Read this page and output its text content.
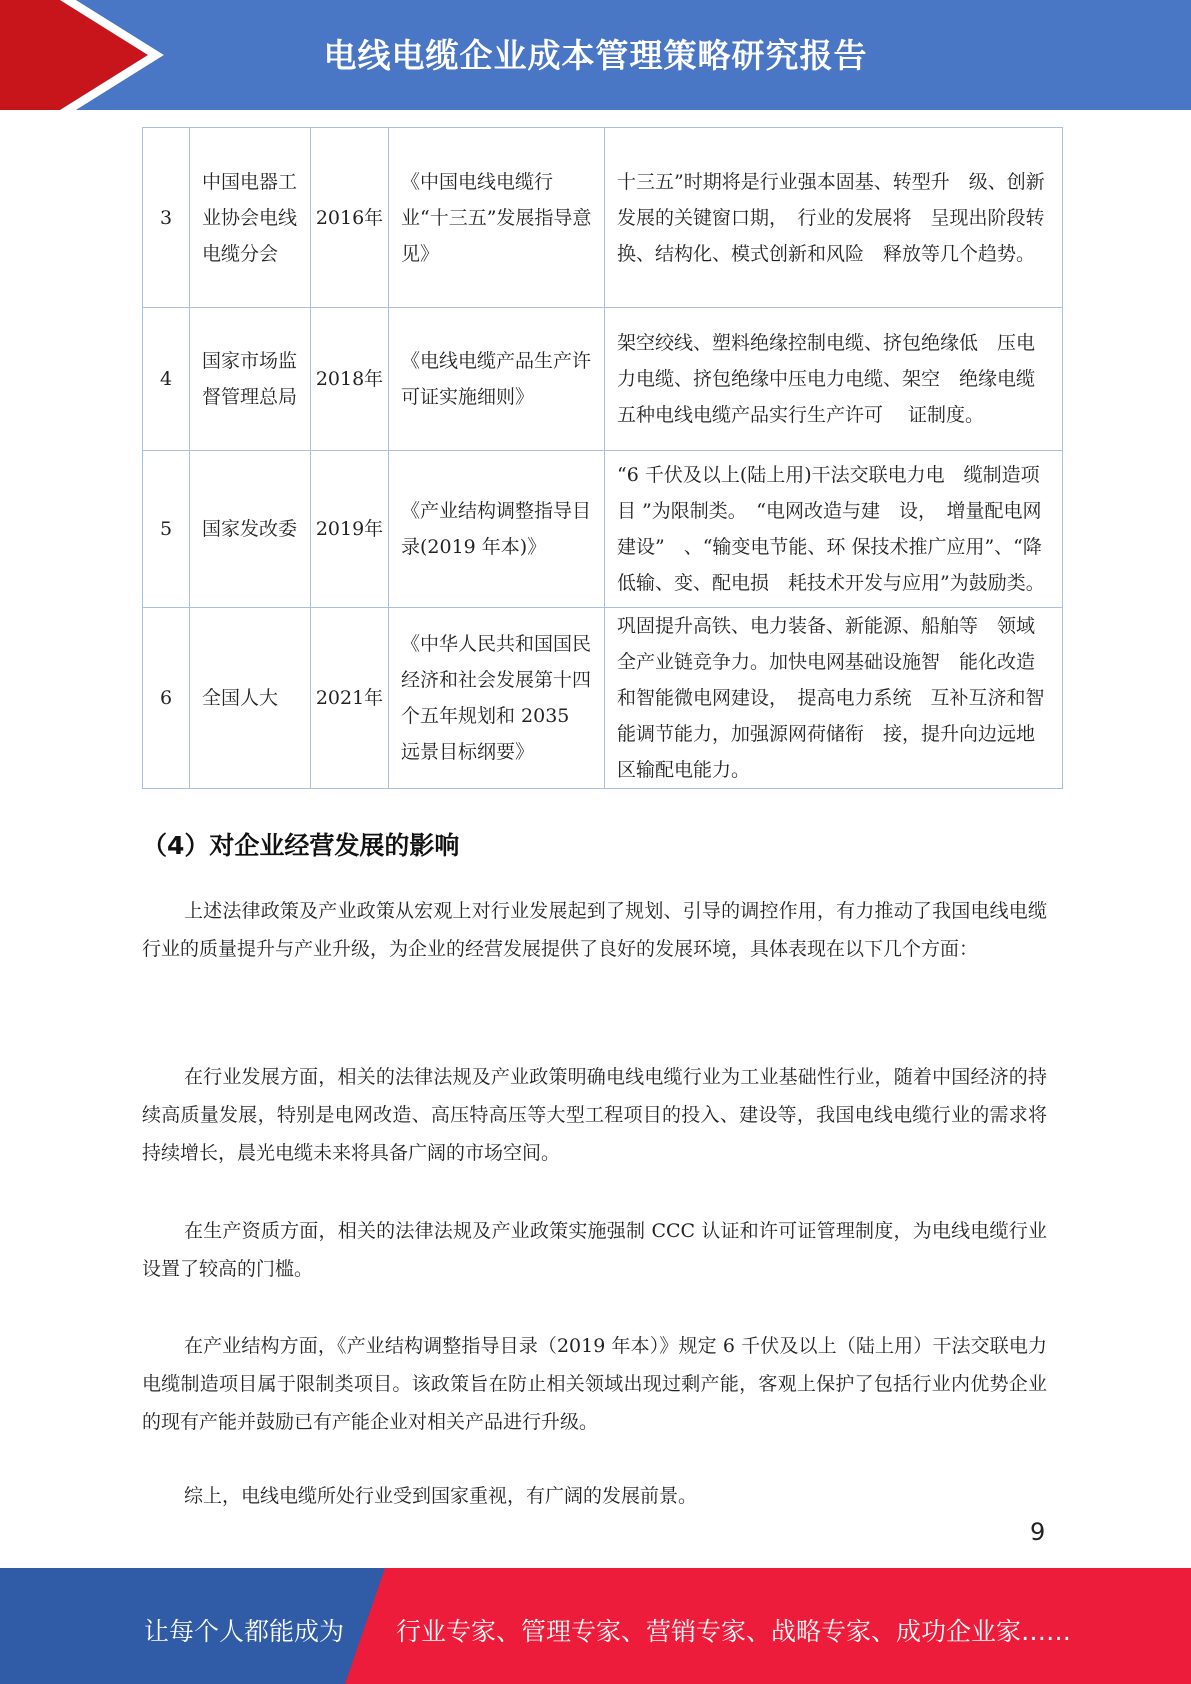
电线电缆企业成本管理策略研究报告
3	中国电器工业协会电线电缆分会	2016年	《中国电线电缆行业“十三五”发展指导意见》	十三五”时期将是行业强本固基、转型升　级、创新发展的关键窗口期，　行业的发展将　呈现出阶段转换、结构化、模式创新和风险　释放等几个趋势。
4	国家市场监督管理总局	2018年	《电线电缆产品生产许可证实施细则》	架空绞线、塑料绝缘控制电缆、挤包绝缘低　压电力电缆、挤包绝缘中压电力电缆、架空　绝缘电缆五种电线电缆产品实行生产许可　 证制度。
5	国家发改委	2019年	《产业结构调整指导目录(2019 年本)》	“6 千伏及以上(陆上用)干法交联电力电　缆制造项目 ”为限制类。　“电网改造与建　设，　增量配电网建设”　、“输变电节能、环 保技术推广应用”、“降低输、变、配电损　耗技术开发与应用”为鼓励类。
6	全国人大	2021年	《中华人民共和国国民经济和社会发展第十四个五年规划和 2035 远景目标纲要》	巩固提升高铁、电力装备、新能源、船舶等　领域全产业链竞争力。加快电网基础设施智　能化改造和智能微电网建设，　提高电力系统　互补互济和智能调节能力，加强源网荷储衔　接，提升向边远地区输配电能力。
（4）对企业经营发展的影响

上述法律政策及产业政策从宏观上对行业发展起到了规划、引导的调控作用，有力推动了我国电线电缆行业的质量提升与产业升级，为企业的经营发展提供了良好的发展环境，具体表现在以下几个方面：

在行业发展方面，相关的法律法规及产业政策明确电线电缆行业为工业基础性行业，随着中国经济的持续高质量发展，特别是电网改造、高压特高压等大型工程项目的投入、建设等，我国电线电缆行业的需求将持续增长，晨光电缆未来将具备广阔的市场空间。

在生产资质方面，相关的法律法规及产业政策实施强制 CCC 认证和许可证管理制度，为电线电缆行业设置了较高的门槛。

在产业结构方面，《产业结构调整指导目录（2019 年本）》规定 6 千伏及以上（陆上用）干法交联电力电缆制造项目属于限制类项目。该政策旨在防止相关领域出现过剩产能，客观上保护了包括行业内优势企业的现有产能并鼓励已有产能企业对相关产品进行升级。

综上，电线电缆所处行业受到国家重视，有广阔的发展前景。

9
让每个人都能成为 行业专家、管理专家、营销专家、战略专家、成功企业家……
